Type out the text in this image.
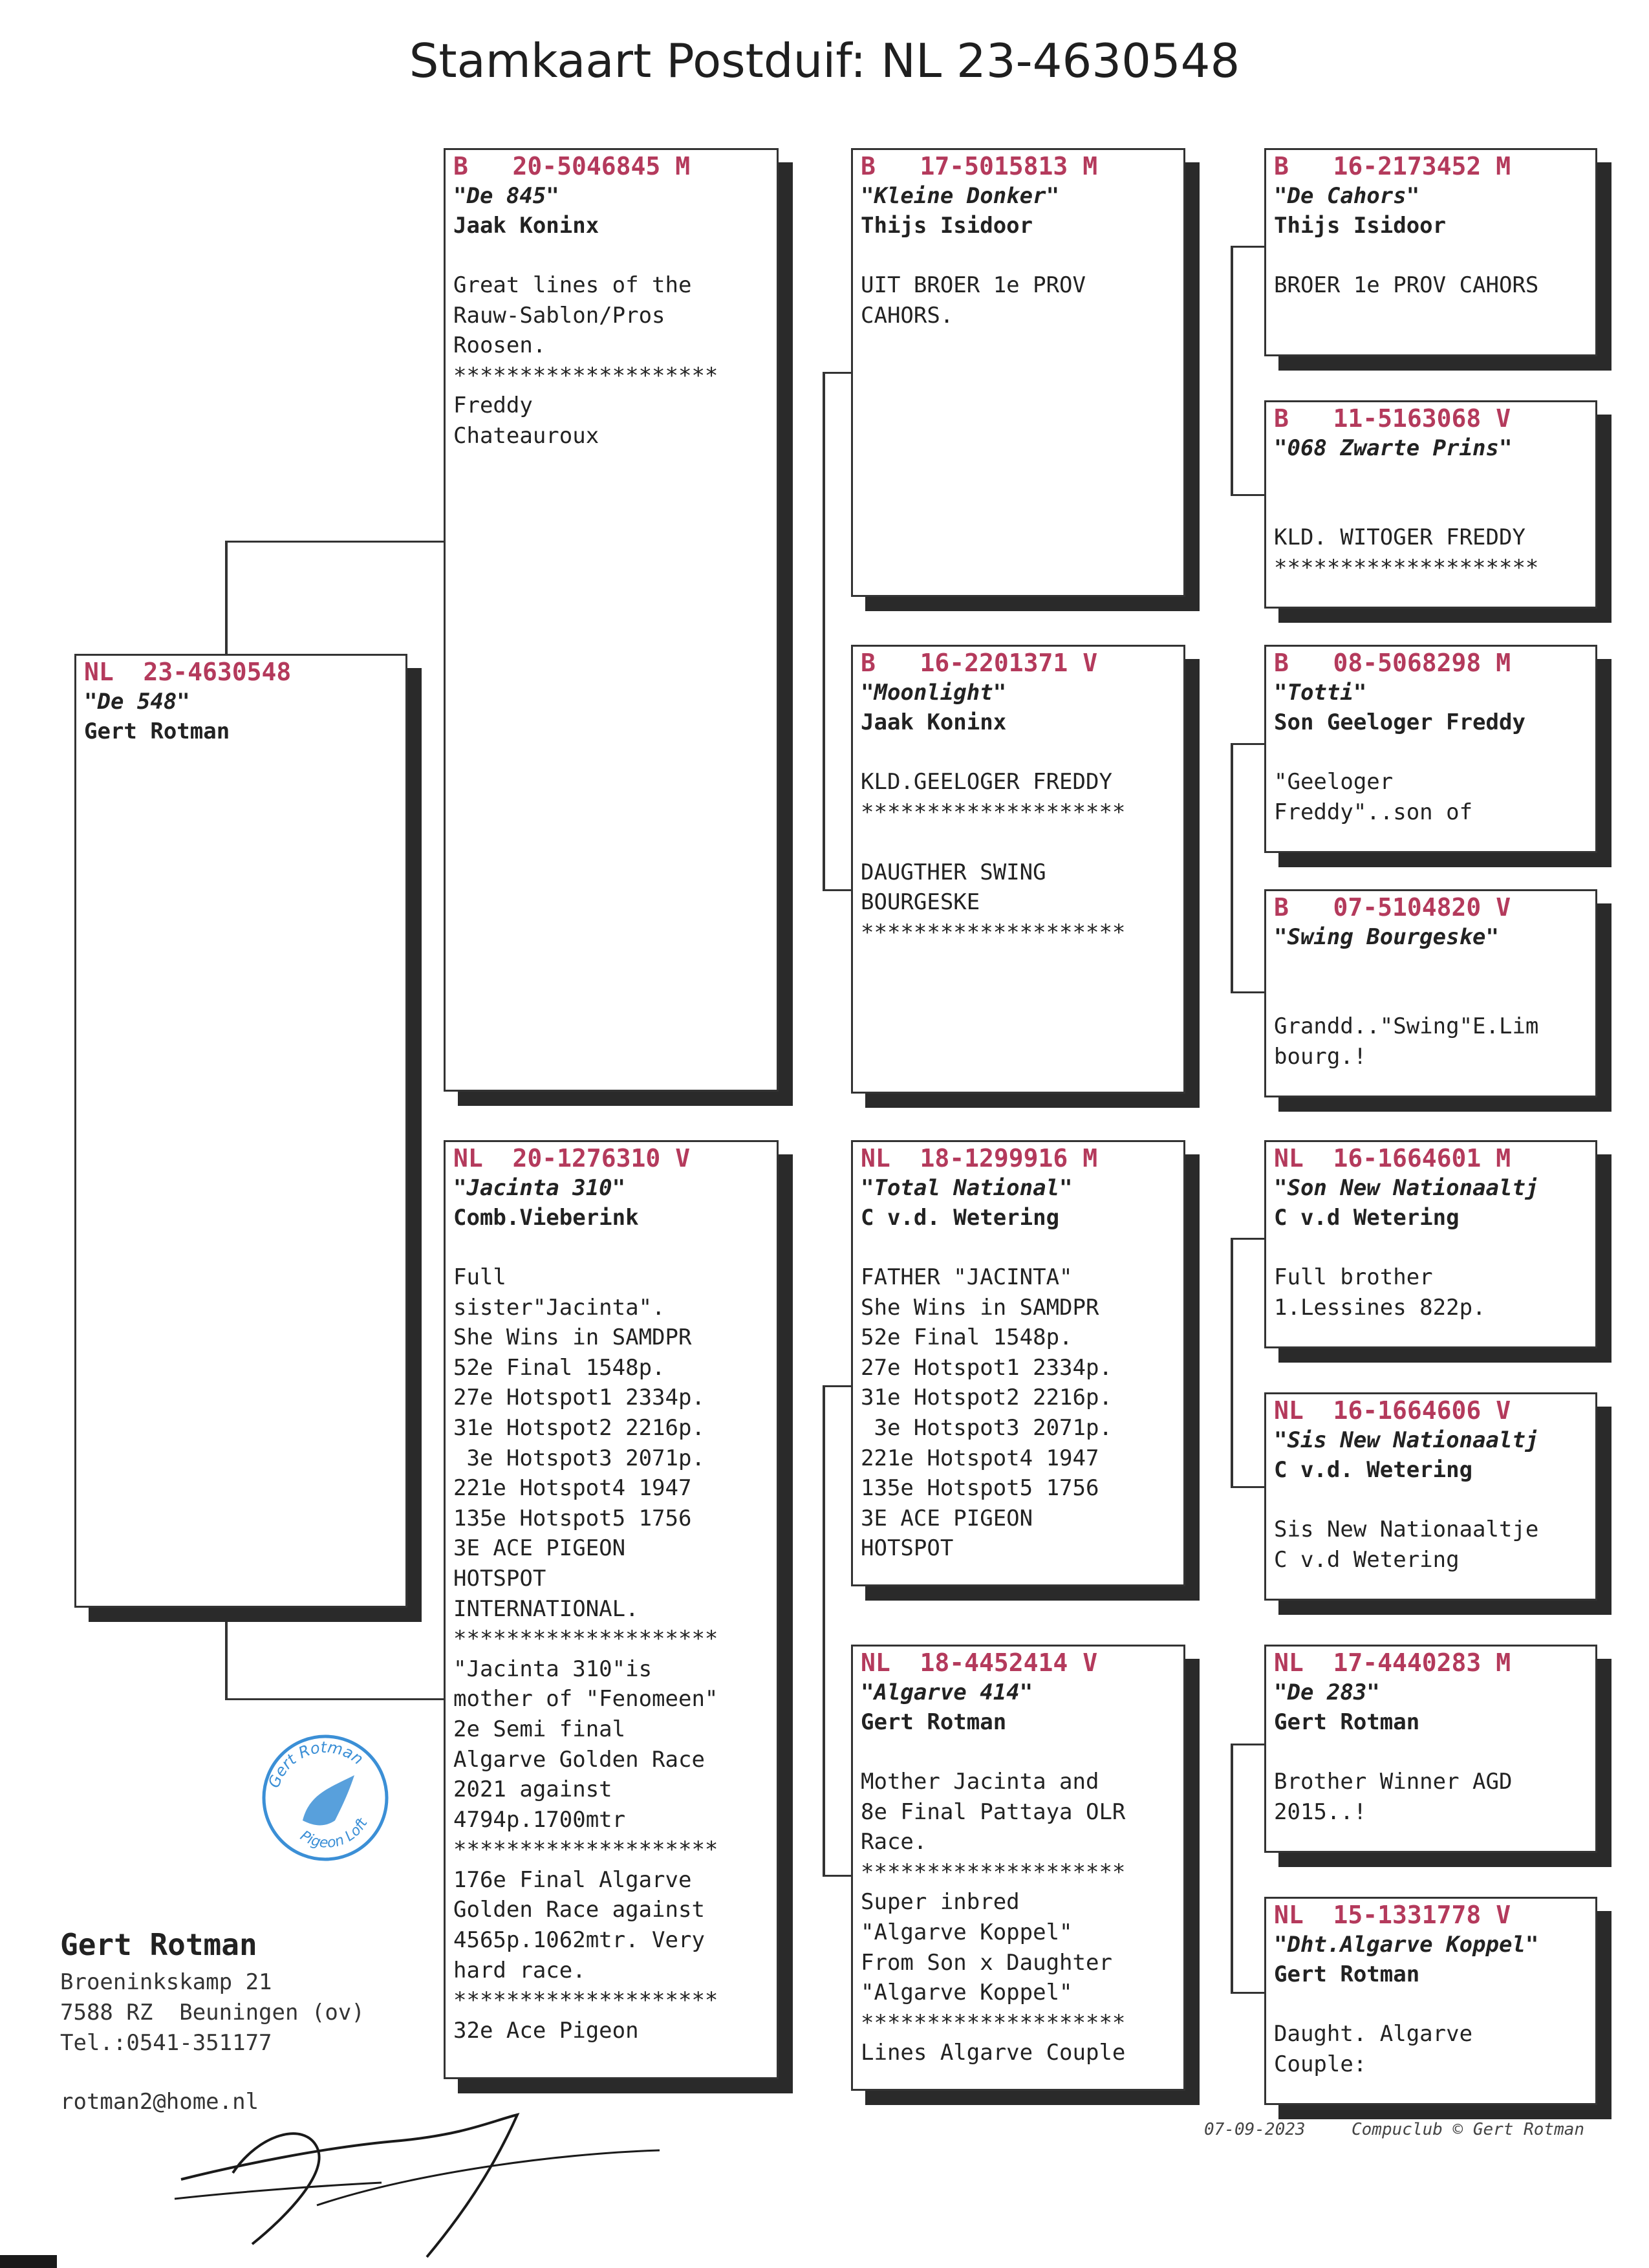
Stamkaart Postduif: NL 23-4630548
NL 23-4630548
"De 548"
Gert Rotman
B 20-5046845 M
"De 845"
Jaak Koninx
Great lines of the
Rauw-Sablon/Pros
Roosen.
********************
Freddy
Chateauroux
NL 20-1276310 V
"Jacinta 310"
Comb.Vieberink
Full
sister"Jacinta".
She Wins in SAMDPR
52e Final 1548p.
27e Hotspot1 2334p.
31e Hotspot2 2216p.
3e Hotspot3 2071p.
221e Hotspot4 1947
135e Hotspot5 1756
3E ACE PIGEON
HOTSPOT
INTERNATIONAL.
********************
"Jacinta 310"is
mother of "Fenomeen"
2e Semi final
Algarve Golden Race
2021 against
4794p.1700mtr
********************
176e Final Algarve
Golden Race against
4565p.1062mtr. Very
hard race.
********************
32e Ace Pigeon
B 17-5015813 M
"Kleine Donker"
Thijs Isidoor
UIT BROER 1e PROV
CAHORS.
B 16-2201371 V
"Moonlight"
Jaak Koninx
KLD.GEELOGER FREDDY
********************

DAUGTHER SWING
BOURGESKE
********************
NL 18-1299916 M
"Total National"
C v.d. Wetering
FATHER "JACINTA"
She Wins in SAMDPR
52e Final 1548p.
27e Hotspot1 2334p.
31e Hotspot2 2216p.
3e Hotspot3 2071p.
221e Hotspot4 1947
135e Hotspot5 1756
3E ACE PIGEON
HOTSPOT
NL 18-4452414 V
"Algarve 414"
Gert Rotman
Mother Jacinta and
8e Final Pattaya OLR
Race.
********************
Super inbred
"Algarve Koppel"
From Son x Daughter
"Algarve Koppel"
********************
Lines Algarve Couple
B 16-2173452 M
"De Cahors"
Thijs Isidoor
BROER 1e PROV CAHORS
B 11-5163068 V
"068 Zwarte Prins"

KLD. WITOGER FREDDY
********************
B 08-5068298 M
"Totti"
Son Geeloger Freddy
"Geeloger
Freddy"..son of
B 07-5104820 V
"Swing Bourgeske"

Grandd.."Swing"E.Lim
bourg.!
NL 16-1664601 M
"Son New Nationaaltj
C v.d Wetering
Full brother
1.Lessines 822p.
NL 16-1664606 V
"Sis New Nationaaltj
C v.d. Wetering
Sis New Nationaaltje
C v.d Wetering
NL 17-4440283 M
"De 283"
Gert Rotman
Brother Winner AGD
2015..!
NL 15-1331778 V
"Dht.Algarve Koppel"
Gert Rotman
Daught. Algarve
Couple:
Gert Rotman
Pigeon Loft
Gert Rotman
Broeninkskamp 21
7588 RZ  Beuningen (ov)
Tel.:0541-351177
rotman2@home.nl
07-09-2023	Compuclub © Gert Rotman
